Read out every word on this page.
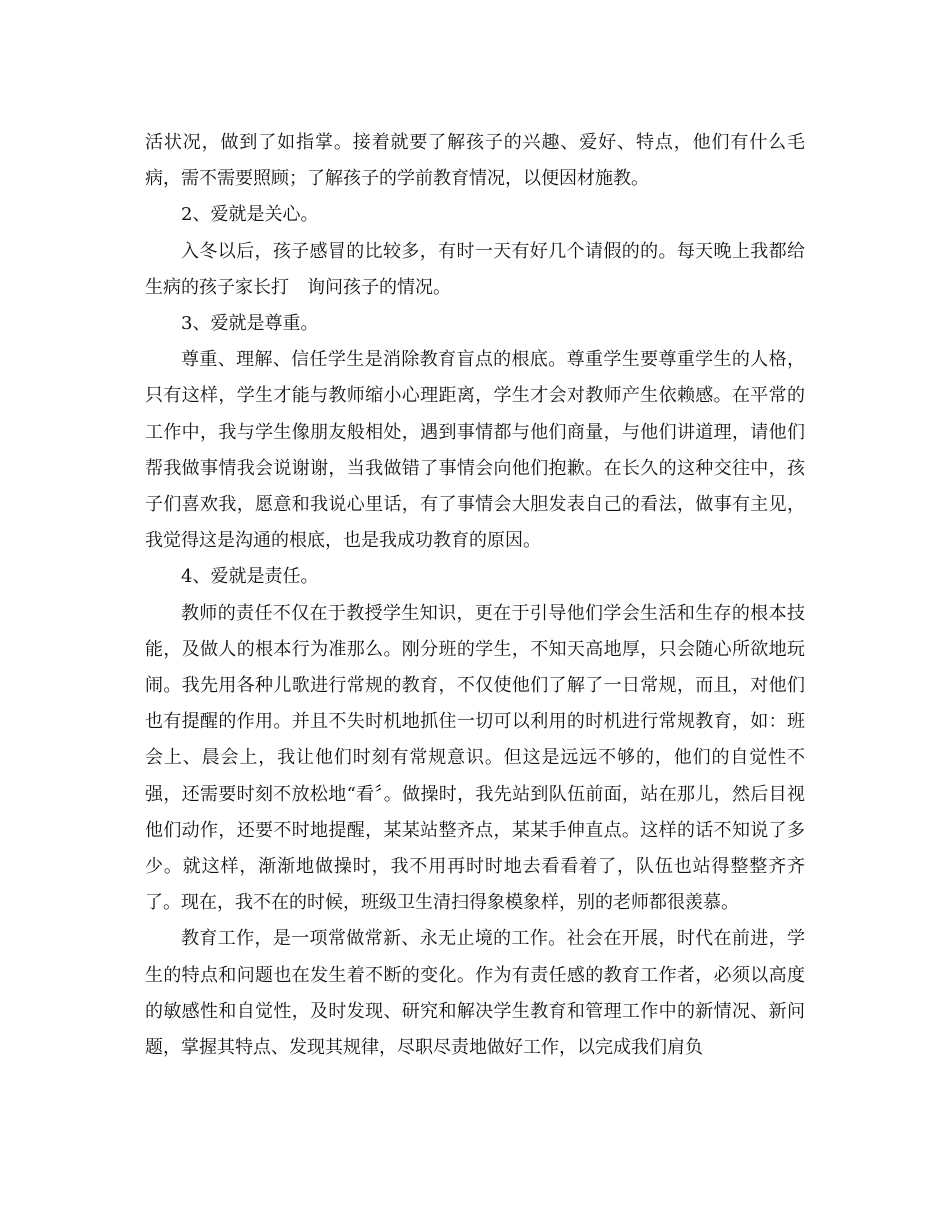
活状况，做到了如指掌。接着就要了解孩子的兴趣、爱好、特点，他们有什么毛病，需不需要照顾；了解孩子的学前教育情况，以便因材施教。

2、爱就是关心。

入冬以后，孩子感冒的比较多，有时一天有好几个请假的的。每天晚上我都给生病的孩子家长打　询问孩子的情况。

3、爱就是尊重。

尊重、理解、信任学生是消除教育盲点的根底。尊重学生要尊重学生的人格，只有这样，学生才能与教师缩小心理距离，学生才会对教师产生依赖感。在平常的工作中，我与学生像朋友般相处，遇到事情都与他们商量，与他们讲道理，请他们帮我做事情我会说谢谢，当我做错了事情会向他们抱歉。在长久的这种交往中，孩子们喜欢我，愿意和我说心里话，有了事情会大胆发表自己的看法，做事有主见，我觉得这是沟通的根底，也是我成功教育的原因。

4、爱就是责任。

教师的责任不仅在于教授学生知识，更在于引导他们学会生活和生存的根本技能，及做人的根本行为准那么。刚分班的学生，不知天高地厚，只会随心所欲地玩闹。我先用各种儿歌进行常规的教育，不仅使他们了解了一日常规，而且，对他们也有提醒的作用。并且不失时机地抓住一切可以利用的时机进行常规教育，如：班会上、晨会上，我让他们时刻有常规意识。但这是远远不够的，他们的自觉性不强，还需要时刻不放松地“看〞。做操时，我先站到队伍前面，站在那儿，然后目视他们动作，还要不时地提醒，某某站整齐点，某某手伸直点。这样的话不知说了多少。就这样，渐渐地做操时，我不用再时时地去看看着了，队伍也站得整整齐齐了。现在，我不在的时候，班级卫生清扫得象模象样，别的老师都很羡慕。

教育工作，是一项常做常新、永无止境的工作。社会在开展，时代在前进，学生的特点和问题也在发生着不断的变化。作为有责任感的教育工作者，必须以高度的敏感性和自觉性，及时发现、研究和解决学生教育和管理工作中的新情况、新问题，掌握其特点、发现其规律，尽职尽责地做好工作，以完成我们肩负
